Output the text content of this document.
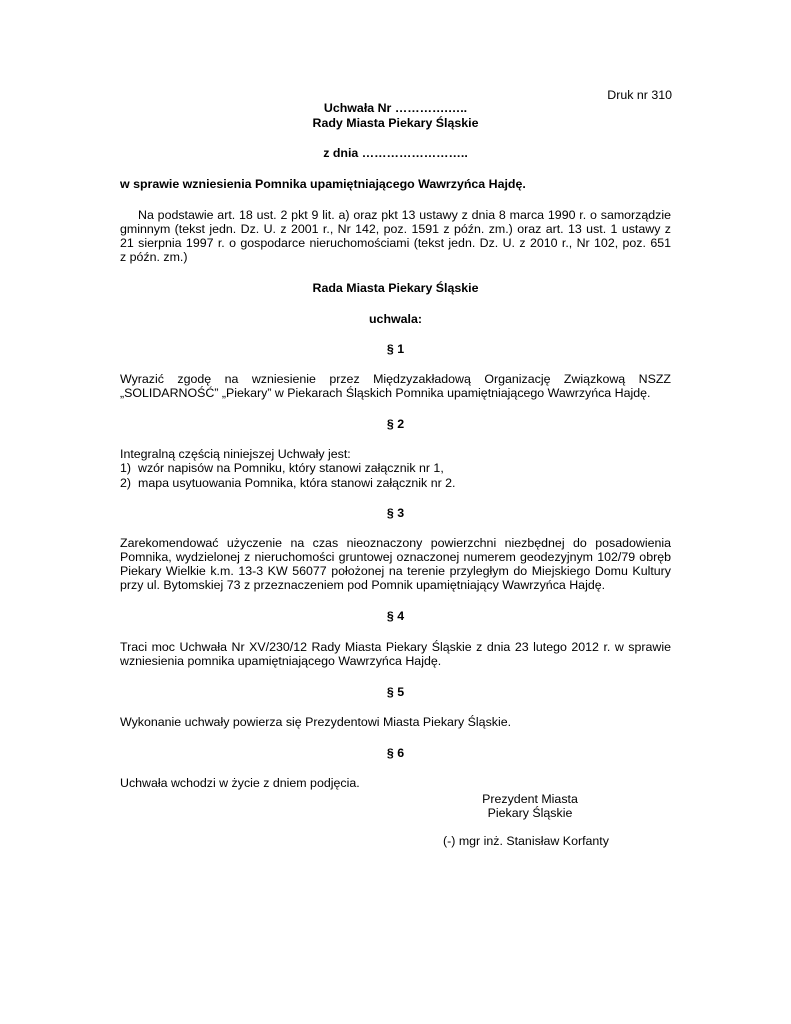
Druk nr 310
Uchwała Nr ………….…..
Rady Miasta Piekary Śląskie
z dnia ……………………..
w sprawie wzniesienia Pomnika upamiętniającego Wawrzyńca Hajdę.
Na podstawie art. 18 ust. 2 pkt 9 lit. a) oraz pkt 13 ustawy z dnia 8 marca 1990 r. o samorządzie
gminnym (tekst jedn. Dz. U. z 2001 r., Nr 142, poz. 1591 z późn. zm.) oraz art. 13 ust. 1 ustawy z
21 sierpnia 1997 r. o gospodarce nieruchomościami (tekst jedn. Dz. U. z 2010 r., Nr 102, poz. 651
z późn. zm.)
Rada Miasta Piekary Śląskie
uchwala:
§ 1
Wyrazić zgodę na wzniesienie przez Międzyzakładową Organizację Związkową NSZZ
„SOLIDARNOŚĆ” „Piekary” w Piekarach Śląskich Pomnika upamiętniającego Wawrzyńca Hajdę.
§ 2
Integralną częścią niniejszej Uchwały jest:
1) wzór napisów na Pomniku, który stanowi załącznik nr 1,
2) mapa usytuowania Pomnika, która stanowi załącznik nr 2.
§ 3
Zarekomendować użyczenie na czas nieoznaczony powierzchni niezbędnej do posadowienia
Pomnika, wydzielonej z nieruchomości gruntowej oznaczonej numerem geodezyjnym 102/79 obręb
Piekary Wielkie k.m. 13-3 KW 56077 położonej na terenie przyległym do Miejskiego Domu Kultury
przy ul. Bytomskiej 73 z przeznaczeniem pod Pomnik upamiętniający Wawrzyńca Hajdę.
§ 4
Traci moc Uchwała Nr XV/230/12 Rady Miasta Piekary Śląskie z dnia 23 lutego 2012 r. w sprawie
wzniesienia pomnika upamiętniającego Wawrzyńca Hajdę.
§ 5
Wykonanie uchwały powierza się Prezydentowi Miasta Piekary Śląskie.
§ 6
Uchwała wchodzi w życie z dniem podjęcia.
Prezydent Miasta
Piekary Śląskie
(-) mgr inż. Stanisław Korfanty
